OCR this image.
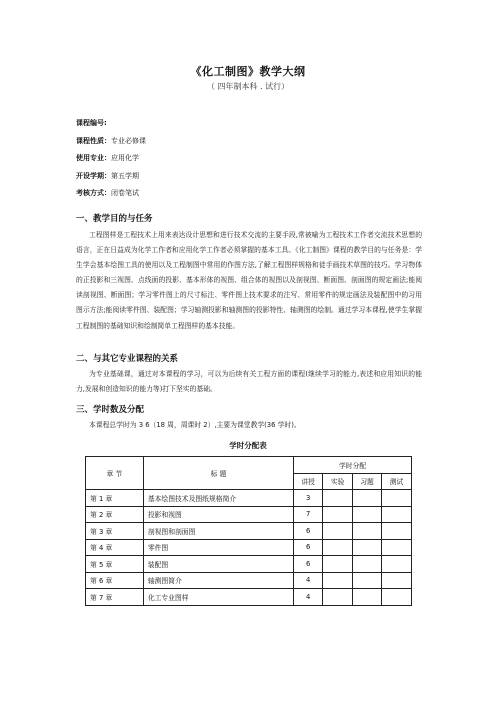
《化工制图》教学大纲
（ 四年制本科 . 试行）
课程编号:
课程性质：专业必修课
使用专业：应用化学
开设学期：第五学期
考核方式：闭卷笔试
一、教学目的与任务
工程图样是工程技术上用来表达设计思想和进行技术交流的主要手段,常被喻为工程技术工作者交流技术思想的语言，正在日益成为化学工作者和应用化学工作者必须掌握的基本工具。《化工制图》课程的教学目的与任务是：学生学会基本绘图工具的使用以及工程制图中常用的作图方法,了解工程图样规格和徒手画技术草图的技巧。学习物体的正投影和三视图、点线面的投影、基本形体的视图、组合体的视图以及剖视图、断面图、剖面图的规定画法;能阅读剖视图、断面图；学习零件图上的尺寸标注、零件图上技术要求的注写、常用零件的规定画法及装配图中的习用图示方法;能阅读零件图、装配图；学习轴测投影和轴测图的投影特性、轴测图的绘制。通过学习本课程,使学生掌握工程制图的基础知识和绘制简单工程图样的基本技能。
二、与其它专业课程的关系
为专业基础课，通过对本课程的学习，可以为后续有关工程方面的课程(继续学习的能力,表述和应用知识的能力,发展和创造知识的能力等)打下坚实的基础。
三、学时数及分配
本课程总学时为 3 6（18 周，周课时 2）,主要为课堂教学(36 学时)。
学时分配表
章 节	标 题	学时分配			
		讲授	实验	习题	测试
第 1 章	基本绘图技术及图纸规格简介	3			
第 2 章	投影和视图	7			
第 3 章	剖视图和剖面图	6			
第 4 章	零件图	6			
第 5 章	装配图	6			
第 6 章	轴测图简介	4			
第 7 章	化工专业图样	4			
